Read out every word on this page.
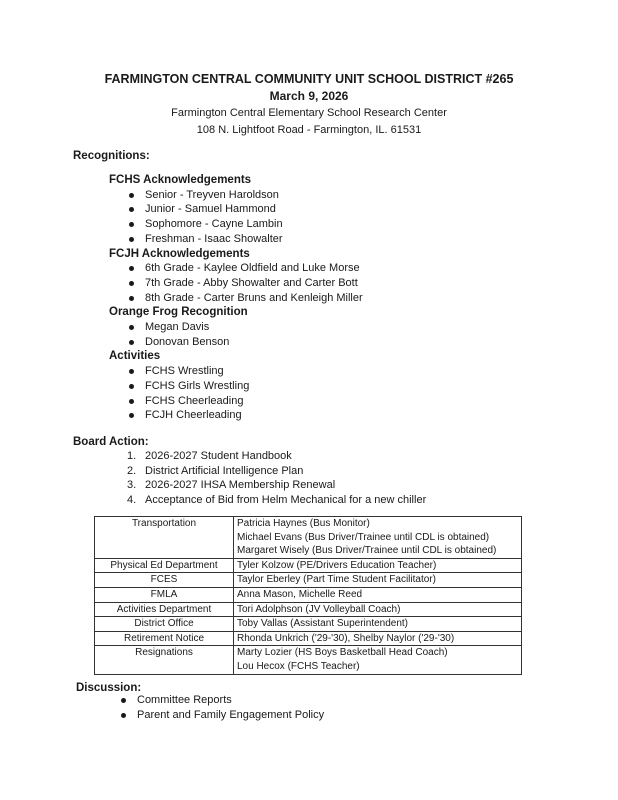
FARMINGTON CENTRAL COMMUNITY UNIT SCHOOL DISTRICT #265
March 9, 2026
Farmington Central Elementary School Research Center
108 N. Lightfoot Road - Farmington, IL. 61531
Recognitions:
FCHS Acknowledgements
Senior - Treyven Haroldson
Junior - Samuel Hammond
Sophomore - Cayne Lambin
Freshman - Isaac Showalter
FCJH Acknowledgements
6th Grade - Kaylee Oldfield and Luke Morse
7th Grade - Abby Showalter and Carter Bott
8th Grade - Carter Bruns and Kenleigh Miller
Orange Frog Recognition
Megan Davis
Donovan Benson
Activities
FCHS Wrestling
FCHS Girls Wrestling
FCHS Cheerleading
FCJH Cheerleading
Board Action:
1. 2026-2027 Student Handbook
2. District Artificial Intelligence Plan
3. 2026-2027 IHSA Membership Renewal
4. Acceptance of Bid from Helm Mechanical for a new chiller
Transportation	Patricia Haynes (Bus Monitor)
Michael Evans (Bus Driver/Trainee until CDL is obtained)
Margaret Wisely (Bus Driver/Trainee until CDL is obtained)

Physical Ed Department	Tyler Kolzow (PE/Drivers Education Teacher)

FCES	Taylor Eberley (Part Time Student Facilitator)

FMLA	Anna Mason, Michelle Reed

Activities Department	Tori Adolphson (JV Volleyball Coach)

District Office	Toby Vallas (Assistant Superintendent)

Retirement Notice	Rhonda Unkrich ('29-'30), Shelby Naylor ('29-'30)

Resignations	Marty Lozier (HS Boys Basketball Head Coach)
Lou Hecox (FCHS Teacher)
Discussion:
Committee Reports
Parent and Family Engagement Policy
